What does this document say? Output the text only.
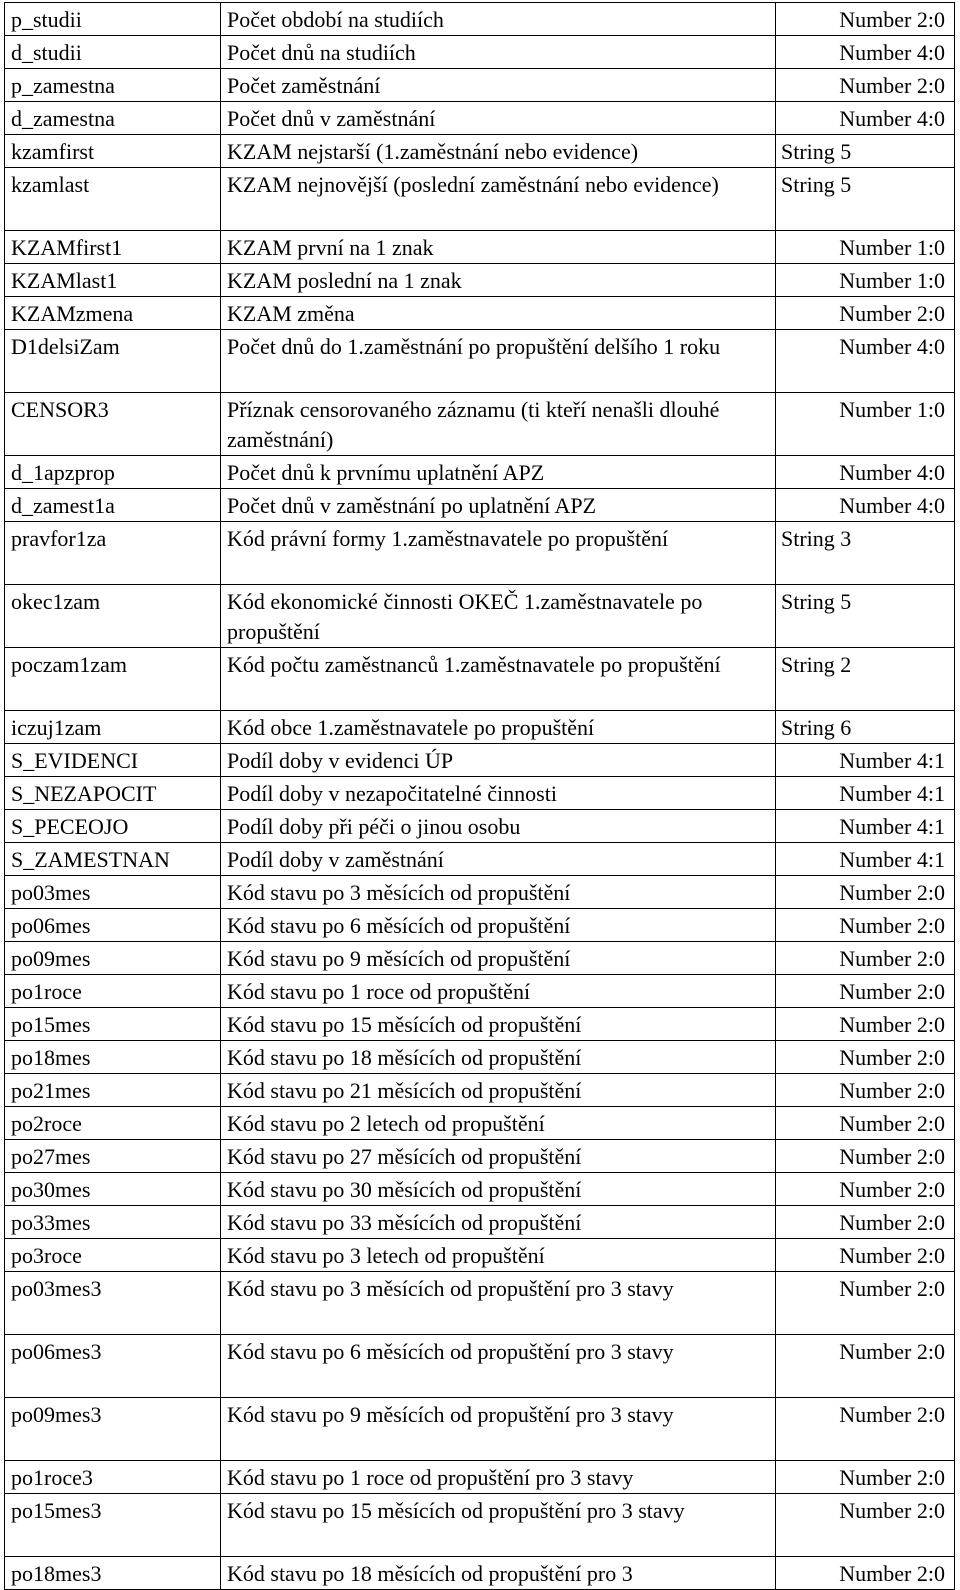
p_studii	Počet období na studiích	Number 2:0
d_studii	Počet dnů na studiích	Number 4:0
p_zamestna	Počet zaměstnání	Number 2:0
d_zamestna	Počet dnů v zaměstnání	Number 4:0
kzamfirst	KZAM nejstarší (1.zaměstnání nebo evidence)	String 5
kzamlast	KZAM nejnovější (poslední zaměstnání nebo evidence)	String 5
KZAMfirst1	KZAM první na 1 znak	Number 1:0
KZAMlast1	KZAM poslední na 1 znak	Number 1:0
KZAMzmena	KZAM změna	Number 2:0
D1delsiZam	Počet dnů do 1.zaměstnání po propuštění delšího 1 roku	Number 4:0
CENSOR3	Příznak censorovaného záznamu (ti kteří nenašli dlouhé zaměstnání)	Number 1:0
d_1apzprop	Počet dnů k prvnímu uplatnění APZ	Number 4:0
d_zamest1a	Počet dnů v zaměstnání po uplatnění APZ	Number 4:0
pravfor1za	Kód právní formy 1.zaměstnavatele po propuštění	String 3
okec1zam	Kód ekonomické činnosti OKEČ 1.zaměstnavatele po propuštění	String 5
poczam1zam	Kód počtu zaměstnanců 1.zaměstnavatele po propuštění	String 2
iczuj1zam	Kód obce 1.zaměstnavatele po propuštění	String 6
S_EVIDENCI	Podíl doby v evidenci ÚP	Number 4:1
S_NEZAPOCIT	Podíl doby v nezapočitatelné činnosti	Number 4:1
S_PECEOJO	Podíl doby při péči o jinou osobu	Number 4:1
S_ZAMESTNAN	Podíl doby v zaměstnání	Number 4:1
po03mes	Kód stavu po 3 měsících od propuštění	Number 2:0
po06mes	Kód stavu po 6 měsících od propuštění	Number 2:0
po09mes	Kód stavu po 9 měsících od propuštění	Number 2:0
po1roce	Kód stavu po 1 roce od propuštění	Number 2:0
po15mes	Kód stavu po 15 měsících od propuštění	Number 2:0
po18mes	Kód stavu po 18 měsících od propuštění	Number 2:0
po21mes	Kód stavu po 21 měsících od propuštění	Number 2:0
po2roce	Kód stavu po 2 letech od propuštění	Number 2:0
po27mes	Kód stavu po 27 měsících od propuštění	Number 2:0
po30mes	Kód stavu po 30 měsících od propuštění	Number 2:0
po33mes	Kód stavu po 33 měsících od propuštění	Number 2:0
po3roce	Kód stavu po 3 letech od propuštění	Number 2:0
po03mes3	Kód stavu po 3 měsících od propuštění pro 3 stavy	Number 2:0
po06mes3	Kód stavu po 6 měsících od propuštění pro 3 stavy	Number 2:0
po09mes3	Kód stavu po 9 měsících od propuštění pro 3 stavy	Number 2:0
po1roce3	Kód stavu po 1 roce od propuštění pro 3 stavy	Number 2:0
po15mes3	Kód stavu po 15 měsících od propuštění pro 3 stavy	Number 2:0
po18mes3	Kód stavu po 18 měsících od propuštění pro 3	Number 2:0
